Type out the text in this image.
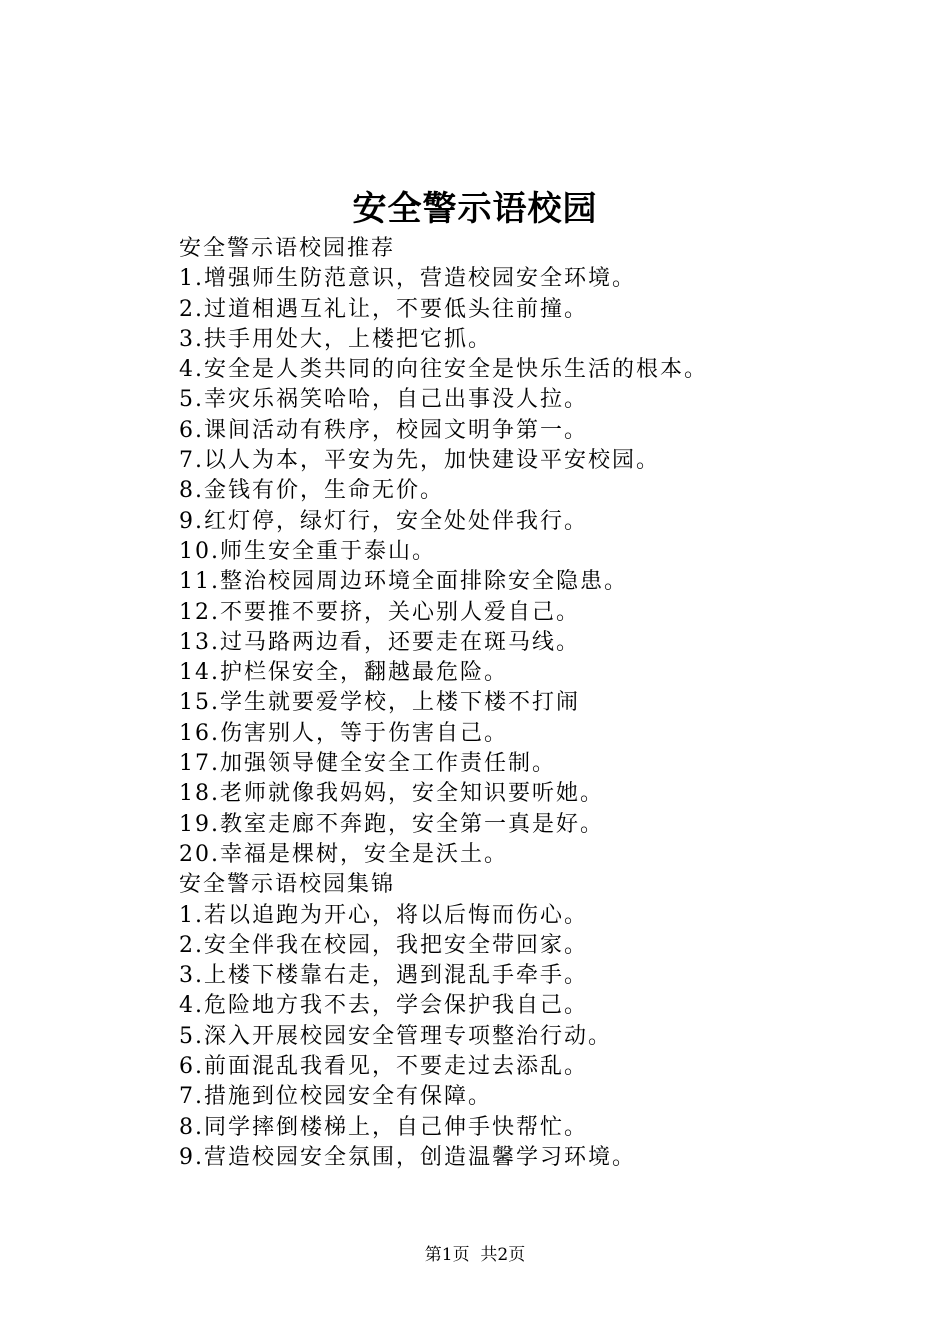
安全警示语校园
安全警示语校园推荐
1.增强师生防范意识，营造校园安全环境。
2.过道相遇互礼让，不要低头往前撞。
3.扶手用处大，上楼把它抓。
4.安全是人类共同的向往安全是快乐生活的根本。
5.幸灾乐祸笑哈哈，自己出事没人拉。
6.课间活动有秩序，校园文明争第一。
7.以人为本，平安为先，加快建设平安校园。
8.金钱有价，生命无价。
9.红灯停，绿灯行，安全处处伴我行。
10.师生安全重于泰山。
11.整治校园周边环境全面排除安全隐患。
12.不要推不要挤，关心别人爱自己。
13.过马路两边看，还要走在斑马线。
14.护栏保安全，翻越最危险。
15.学生就要爱学校，上楼下楼不打闹
16.伤害别人，等于伤害自己。
17.加强领导健全安全工作责任制。
18.老师就像我妈妈，安全知识要听她。
19.教室走廊不奔跑，安全第一真是好。
20.幸福是棵树，安全是沃土。
安全警示语校园集锦
1.若以追跑为开心，将以后悔而伤心。
2.安全伴我在校园，我把安全带回家。
3.上楼下楼靠右走，遇到混乱手牵手。
4.危险地方我不去，学会保护我自己。
5.深入开展校园安全管理专项整治行动。
6.前面混乱我看见，不要走过去添乱。
7.措施到位校园安全有保障。
8.同学摔倒楼梯上，自己伸手快帮忙。
9.营造校园安全氛围，创造温馨学习环境。
第1页  共2页
